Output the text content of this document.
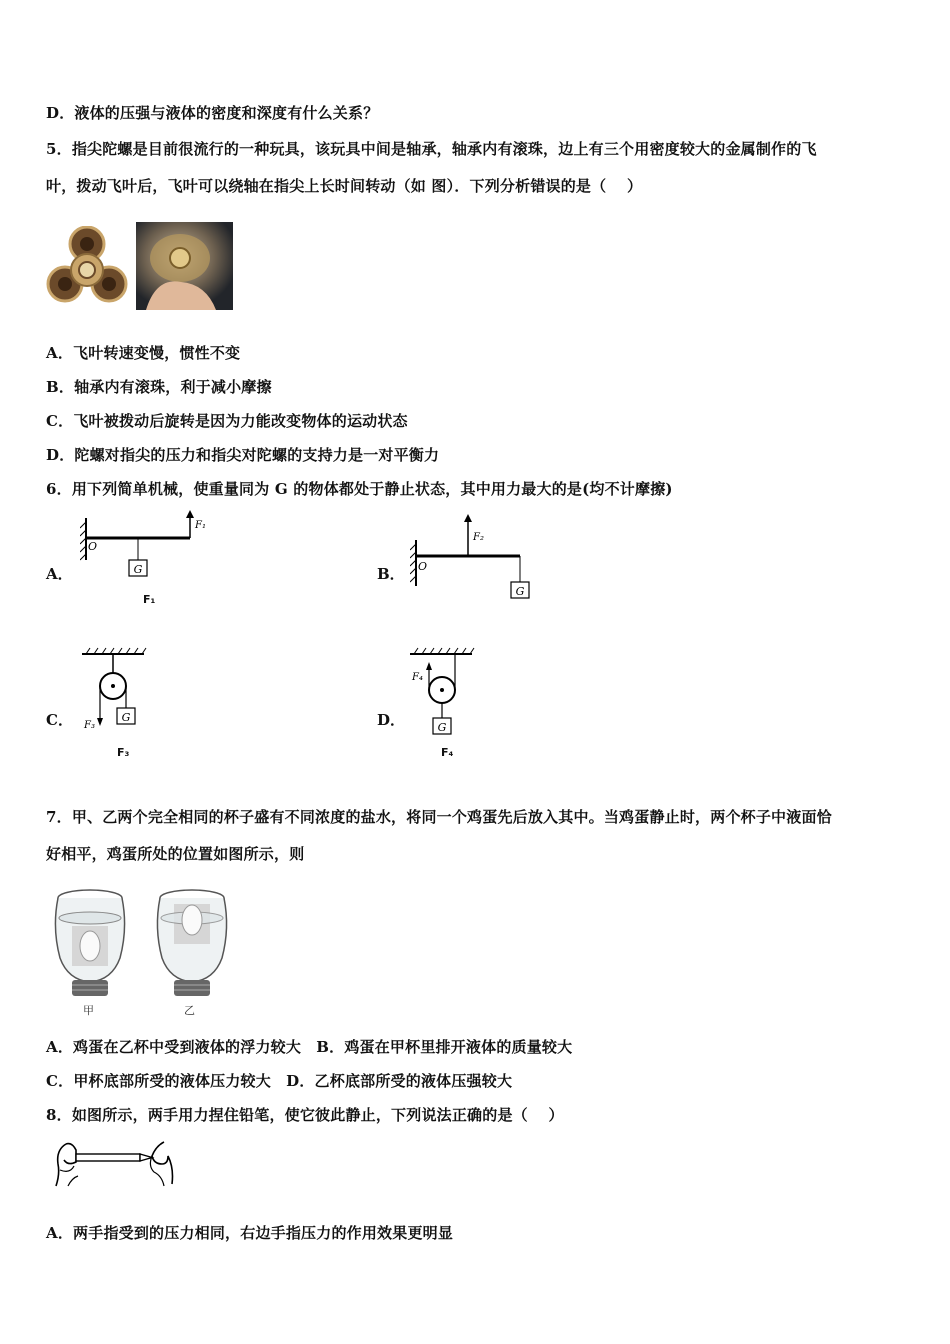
D．液体的压强与液体的密度和深度有什么关系？
5．指尖陀螺是目前很流行的一种玩具，该玩具中间是轴承，轴承内有滚珠，边上有三个用密度较大的金属制作的飞
叶，拨动飞叶后，飞叶可以绕轴在指尖上长时间转动（如 图）．下列分析错误的是（　 ）
A．飞叶转速变慢，惯性不变
B．轴承内有滚珠，利于减小摩擦
C．飞叶被拨动后旋转是因为力能改变物体的运动状态
D．陀螺对指尖的压力和指尖对陀螺的支持力是一对平衡力
6．用下列简单机械，使重量同为 G 的物体都处于静止状态，其中用力最大的是(均不计摩擦)
A．	G
O
F₁
F₁
B．
G
O
F₂
C．	G
F₃
F₃
D．	G
F₄
F₄
7．甲、乙两个完全相同的杯子盛有不同浓度的盐水，将同一个鸡蛋先后放入其中。当鸡蛋静止时，两个杯子中液面恰
好相平，鸡蛋所处的位置如图所示，则
甲	乙
A．鸡蛋在乙杯中受到液体的浮力较大　B．鸡蛋在甲杯里排开液体的质量较大
C．甲杯底部所受的液体压力较大　D．乙杯底部所受的液体压强较大
8．如图所示，两手用力捏住铅笔，使它彼此静止，下列说法正确的是（　 ）
A．两手指受到的压力相同，右边手指压力的作用效果更明显
